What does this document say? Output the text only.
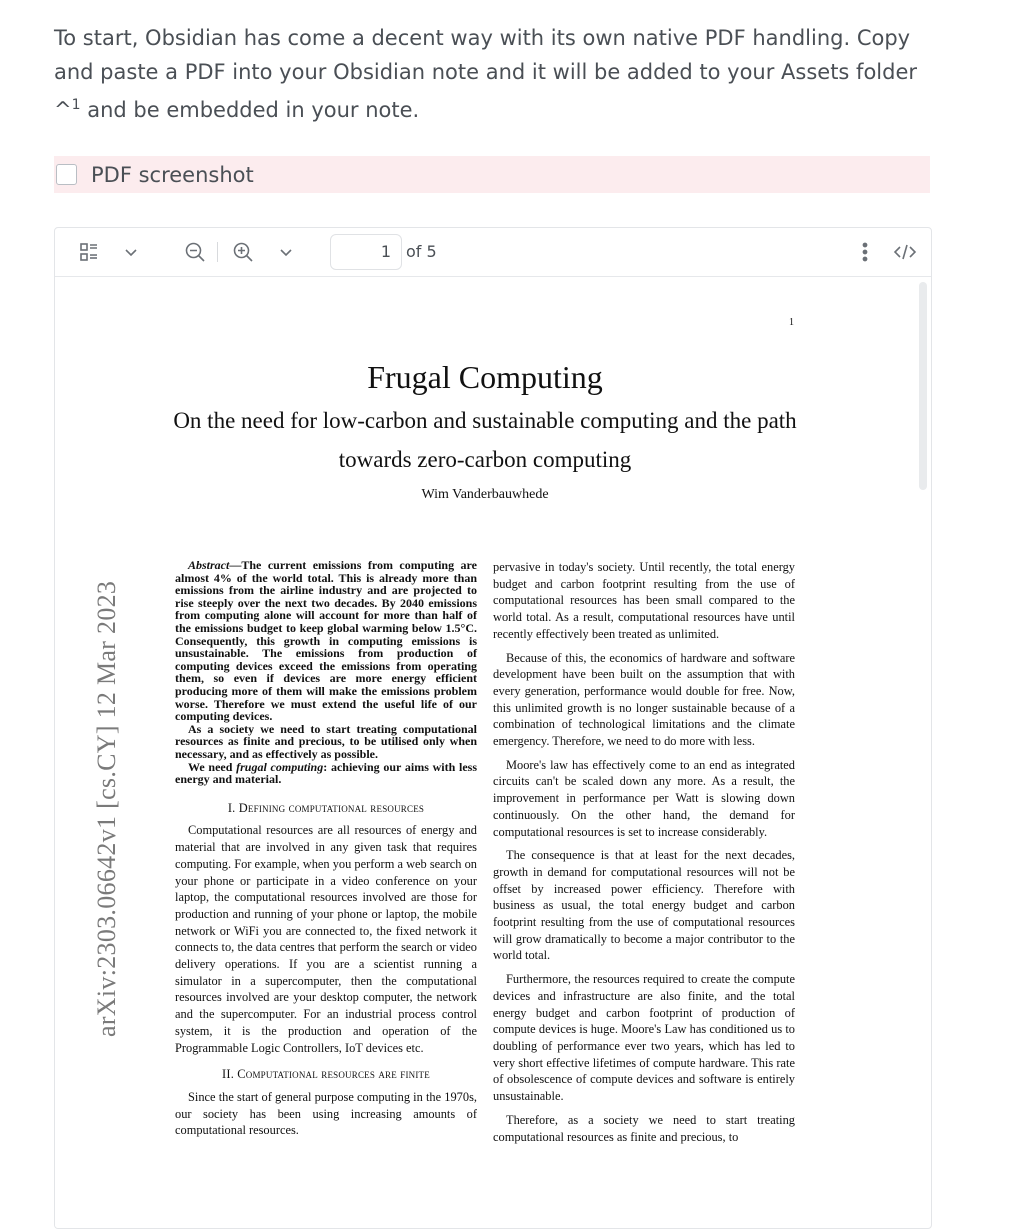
To start, Obsidian has come a decent way with its own native PDF handling. Copy
and paste a PDF into your Obsidian note and it will be added to your Assets folder
^$^1$ and be embedded in your note.

PDF screenshot
1 of 5
1
Frugal Computing
On the need for low-carbon and sustainable computing and the path towards zero-carbon computing
Wim Vanderbauwhede
arXiv:2303.06642v1 [cs.CY] 12 Mar 2023

Abstract—The current emissions from computing are almost 4% of the world total. This is already more than emissions from the airline industry and are projected to rise steeply over the next two decades. By 2040 emissions from computing alone will account for more than half of the emissions budget to keep global warming below 1.5°C. Consequently, this growth in computing emissions is unsustainable. The emissions from production of computing devices exceed the emissions from operating them, so even if devices are more energy efficient producing more of them will make the emissions problem worse. Therefore we must extend the useful life of our computing devices.

As a society we need to start treating computational resources as finite and precious, to be utilised only when necessary, and as effectively as possible.

We need frugal computing: achieving our aims with less energy and material.

I. Defining computational resources

Computational resources are all resources of energy and material that are involved in any given task that requires computing. For example, when you perform a web search on your phone or participate in a video conference on your laptop, the computational resources involved are those for production and running of your phone or laptop, the mobile network or WiFi you are connected to, the fixed network it connects to, the data centres that perform the search or video delivery operations. If you are a scientist running a simulator in a supercomputer, then the computational resources involved are your desktop computer, the network and the supercomputer. For an industrial process control system, it is the production and operation of the Programmable Logic Controllers, IoT devices etc.

II. Computational resources are finite

Since the start of general purpose computing in the 1970s, our society has been using increasing amounts of computational resources.

pervasive in today's society. Until recently, the total energy budget and carbon footprint resulting from the use of computational resources has been small compared to the world total. As a result, computational resources have until recently effectively been treated as unlimited.

Because of this, the economics of hardware and software development have been built on the assumption that with every generation, performance would double for free. Now, this unlimited growth is no longer sustainable because of a combination of technological limitations and the climate emergency. Therefore, we need to do more with less.

Moore's law has effectively come to an end as integrated circuits can't be scaled down any more. As a result, the improvement in performance per Watt is slowing down continuously. On the other hand, the demand for computational resources is set to increase considerably.

The consequence is that at least for the next decades, growth in demand for computational resources will not be offset by increased power efficiency. Therefore with business as usual, the total energy budget and carbon footprint resulting from the use of computational resources will grow dramatically to become a major contributor to the world total.

Furthermore, the resources required to create the compute devices and infrastructure are also finite, and the total energy budget and carbon footprint of production of compute devices is huge. Moore's Law has conditioned us to doubling of performance ever two years, which has led to very short effective lifetimes of compute hardware. This rate of obsolescence of compute devices and software is entirely unsustainable.

Therefore, as a society we need to start treating computational resources as finite and precious, to
